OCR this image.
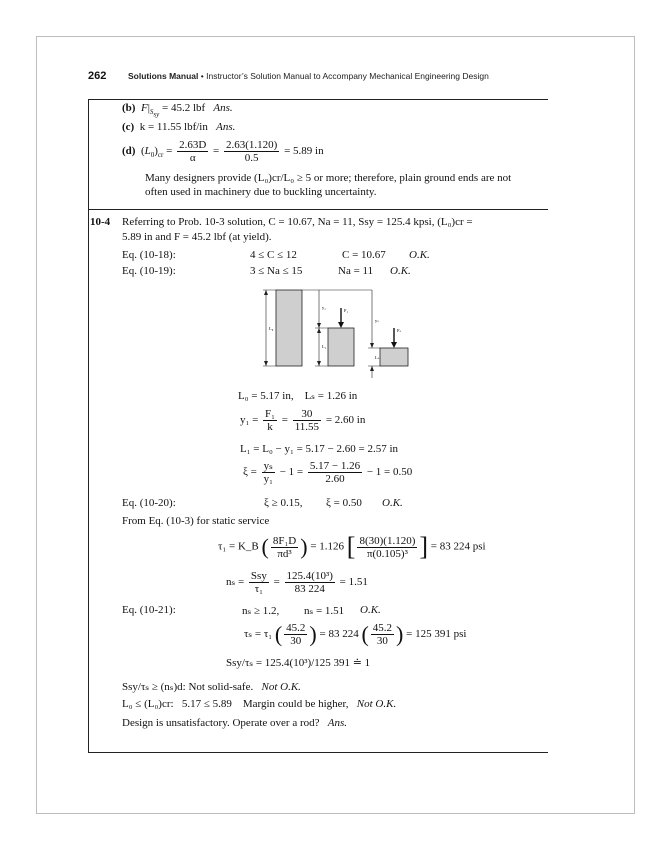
262	Solutions Manual • Instructor’s Solution Manual to Accompany Mechanical Engineering Design
(b) $F|_{S_{sy}} = 45.2$ lbf Ans.
(c) k = 11.55 lbf/in Ans.
(d)  $(L_0)_{cr} = \frac{2.63D}{\alpha} = \frac{2.63(1.120)}{0.5} = 5.89$ in
Many designers provide (L₀)cr/L₀ ≥ 5 or more; therefore, plain ground ends are not
often used in machinery due to buckling uncertainty.
10-4 Referring to Prob. 10-3 solution, C = 10.67, Na = 11, Ssy = 125.4 kpsi, (L₀)cr =
5.89 in and F = 45.2 lbf (at yield).
Eq. (10-18):	4 ≤ C ≤ 12	C = 10.67 O.K.
Eq. (10-19):	3 ≤ Na ≤ 15	Na = 11 O.K.
L₀
y₁
L₁
F₁
yₛ
Lₛ
Fₛ
L₀ = 5.17 in, Lₛ = 1.26 in
$y_1 = \frac{\text{F₁}}{k} = \frac{30}{11.55} = 2.60$ in
L₁ = L₀ − y₁ = 5.17 − 2.60 = 2.57 in
$\xi = \frac{\text{yₛ}}{\text{y₁}} - 1 = \frac{5.17 - 1.26}{2.60} - 1 = 0.50$
Eq. (10-20):	ξ ≥ 0.15, ξ = 0.50 O.K.
From Eq. (10-3) for static service
τ₁ = K_B ( $\frac{\text{8F₁D}}{\text{πd³}}$ ) = 1.126 [ $\frac{8(30)(1.120)}{\text{π(0.105)³}}$ ] = 83 224 psi
$n_s = \frac{\text{Ssy}}{\text{τ₁}} = \frac{\text{125.4(10³)}}{83 224} = 1.51$
Eq. (10-21):	nₛ ≥ 1.2, nₛ = 1.51 O.K.
τₛ = τ₁ ( $\frac{45.2}{30}$ ) = 83 224 ( $\frac{45.2}{30}$ ) = 125 391 psi
Ssy/τₛ = 125.4(10³)/125 391 ≐ 1
Ssy/τₛ ≥ (nₛ)d: Not solid-safe. Not O.K.
L₀ ≤ (L₀)cr:   5.17 ≤ 5.89    Margin could be higher, Not O.K.
Design is unsatisfactory. Operate over a rod? Ans.
